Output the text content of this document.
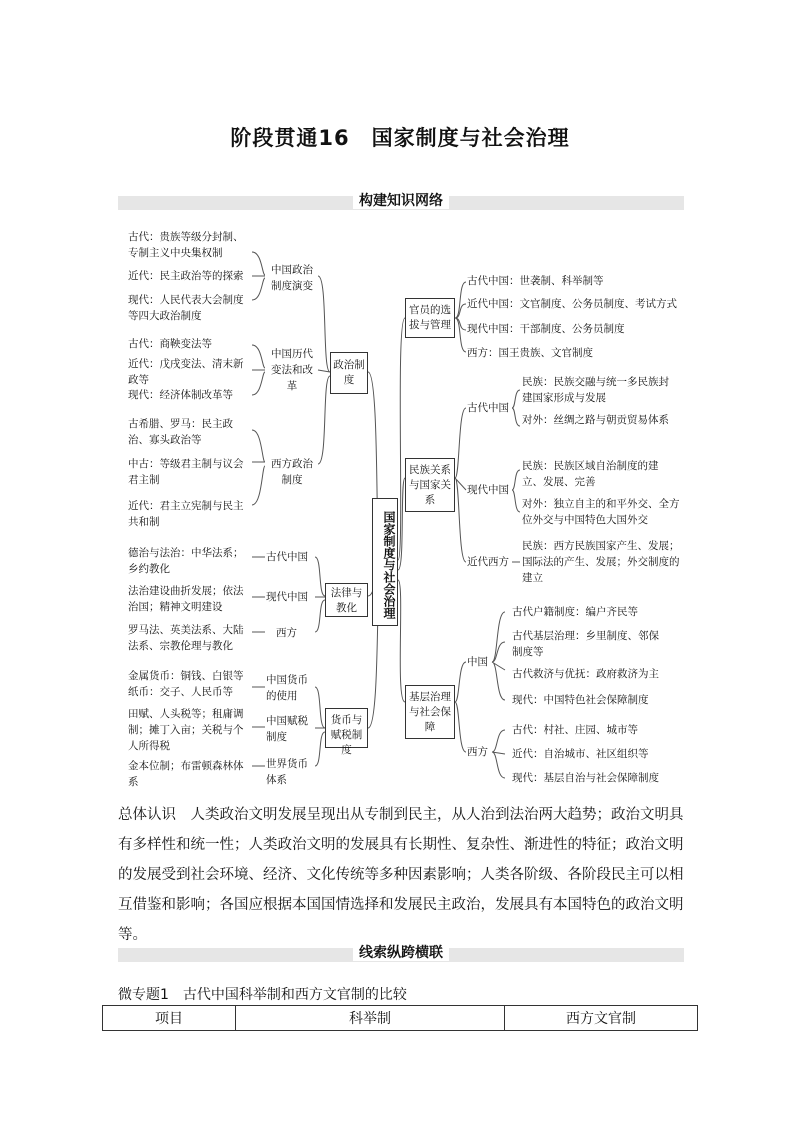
阶段贯通16　国家制度与社会治理
构建知识网络
国家制度与社会治理
政治制度
中国政治制度演变
中国历代变法和改革
西方政治制度
古代：贵族等级分封制、专制主义中央集权制
近代：民主政治等的探索
现代：人民代表大会制度等四大政治制度
古代：商鞅变法等
近代：戊戌变法、清末新政等
现代：经济体制改革等
古希腊、罗马：民主政治、寡头政治等
中古：等级君主制与议会君主制
近代：君主立宪制与民主共和制
法律与教化
古代中国
现代中国
西方
德治与法治：中华法系；乡约教化
法治建设曲折发展；依法治国；精神文明建设
罗马法、英美法系、大陆法系、宗教伦理与教化
货币与赋税制度
中国货币的使用
中国赋税制度
世界货币体系
金属货币：铜钱、白银等纸币：交子、人民币等
田赋、人头税等；租庸调制；摊丁入亩；关税与个人所得税
金本位制；布雷顿森林体系
官员的选拔与管理
古代中国：世袭制、科举制等
近代中国：文官制度、公务员制度、考试方式
现代中国：干部制度、公务员制度
西方：国王贵族、文官制度
民族关系与国家关系
古代中国
现代中国
近代西方
民族：民族交融与统一多民族封建国家形成与发展
对外：丝绸之路与朝贡贸易体系
民族：民族区域自治制度的建立、发展、完善
对外：独立自主的和平外交、全方位外交与中国特色大国外交
民族：西方民族国家产生、发展；国际法的产生、发展；外交制度的建立
基层治理与社会保障
中国
西方
古代户籍制度：编户齐民等
古代基层治理：乡里制度、邻保制度等
古代救济与优抚：政府救济为主
现代：中国特色社会保障制度
古代：村社、庄园、城市等
近代：自治城市、社区组织等
现代：基层自治与社会保障制度
总体认识　 人类政治文明发展呈现出从专制到民主，从人治到法治两大趋势；政治文明具有多样性和统一性；人类政治文明的发展具有长期性、复杂性、渐进性的特征；政治文明的发展受到社会环境、经济、文化传统等多种因素影响；人类各阶级、各阶段民主可以相互借鉴和影响；各国应根据本国国情选择和发展民主政治，发展具有本国特色的政治文明等。
线索纵跨横联
微专题1　古代中国科举制和西方文官制的比较
项目	科举制	西方文官制
